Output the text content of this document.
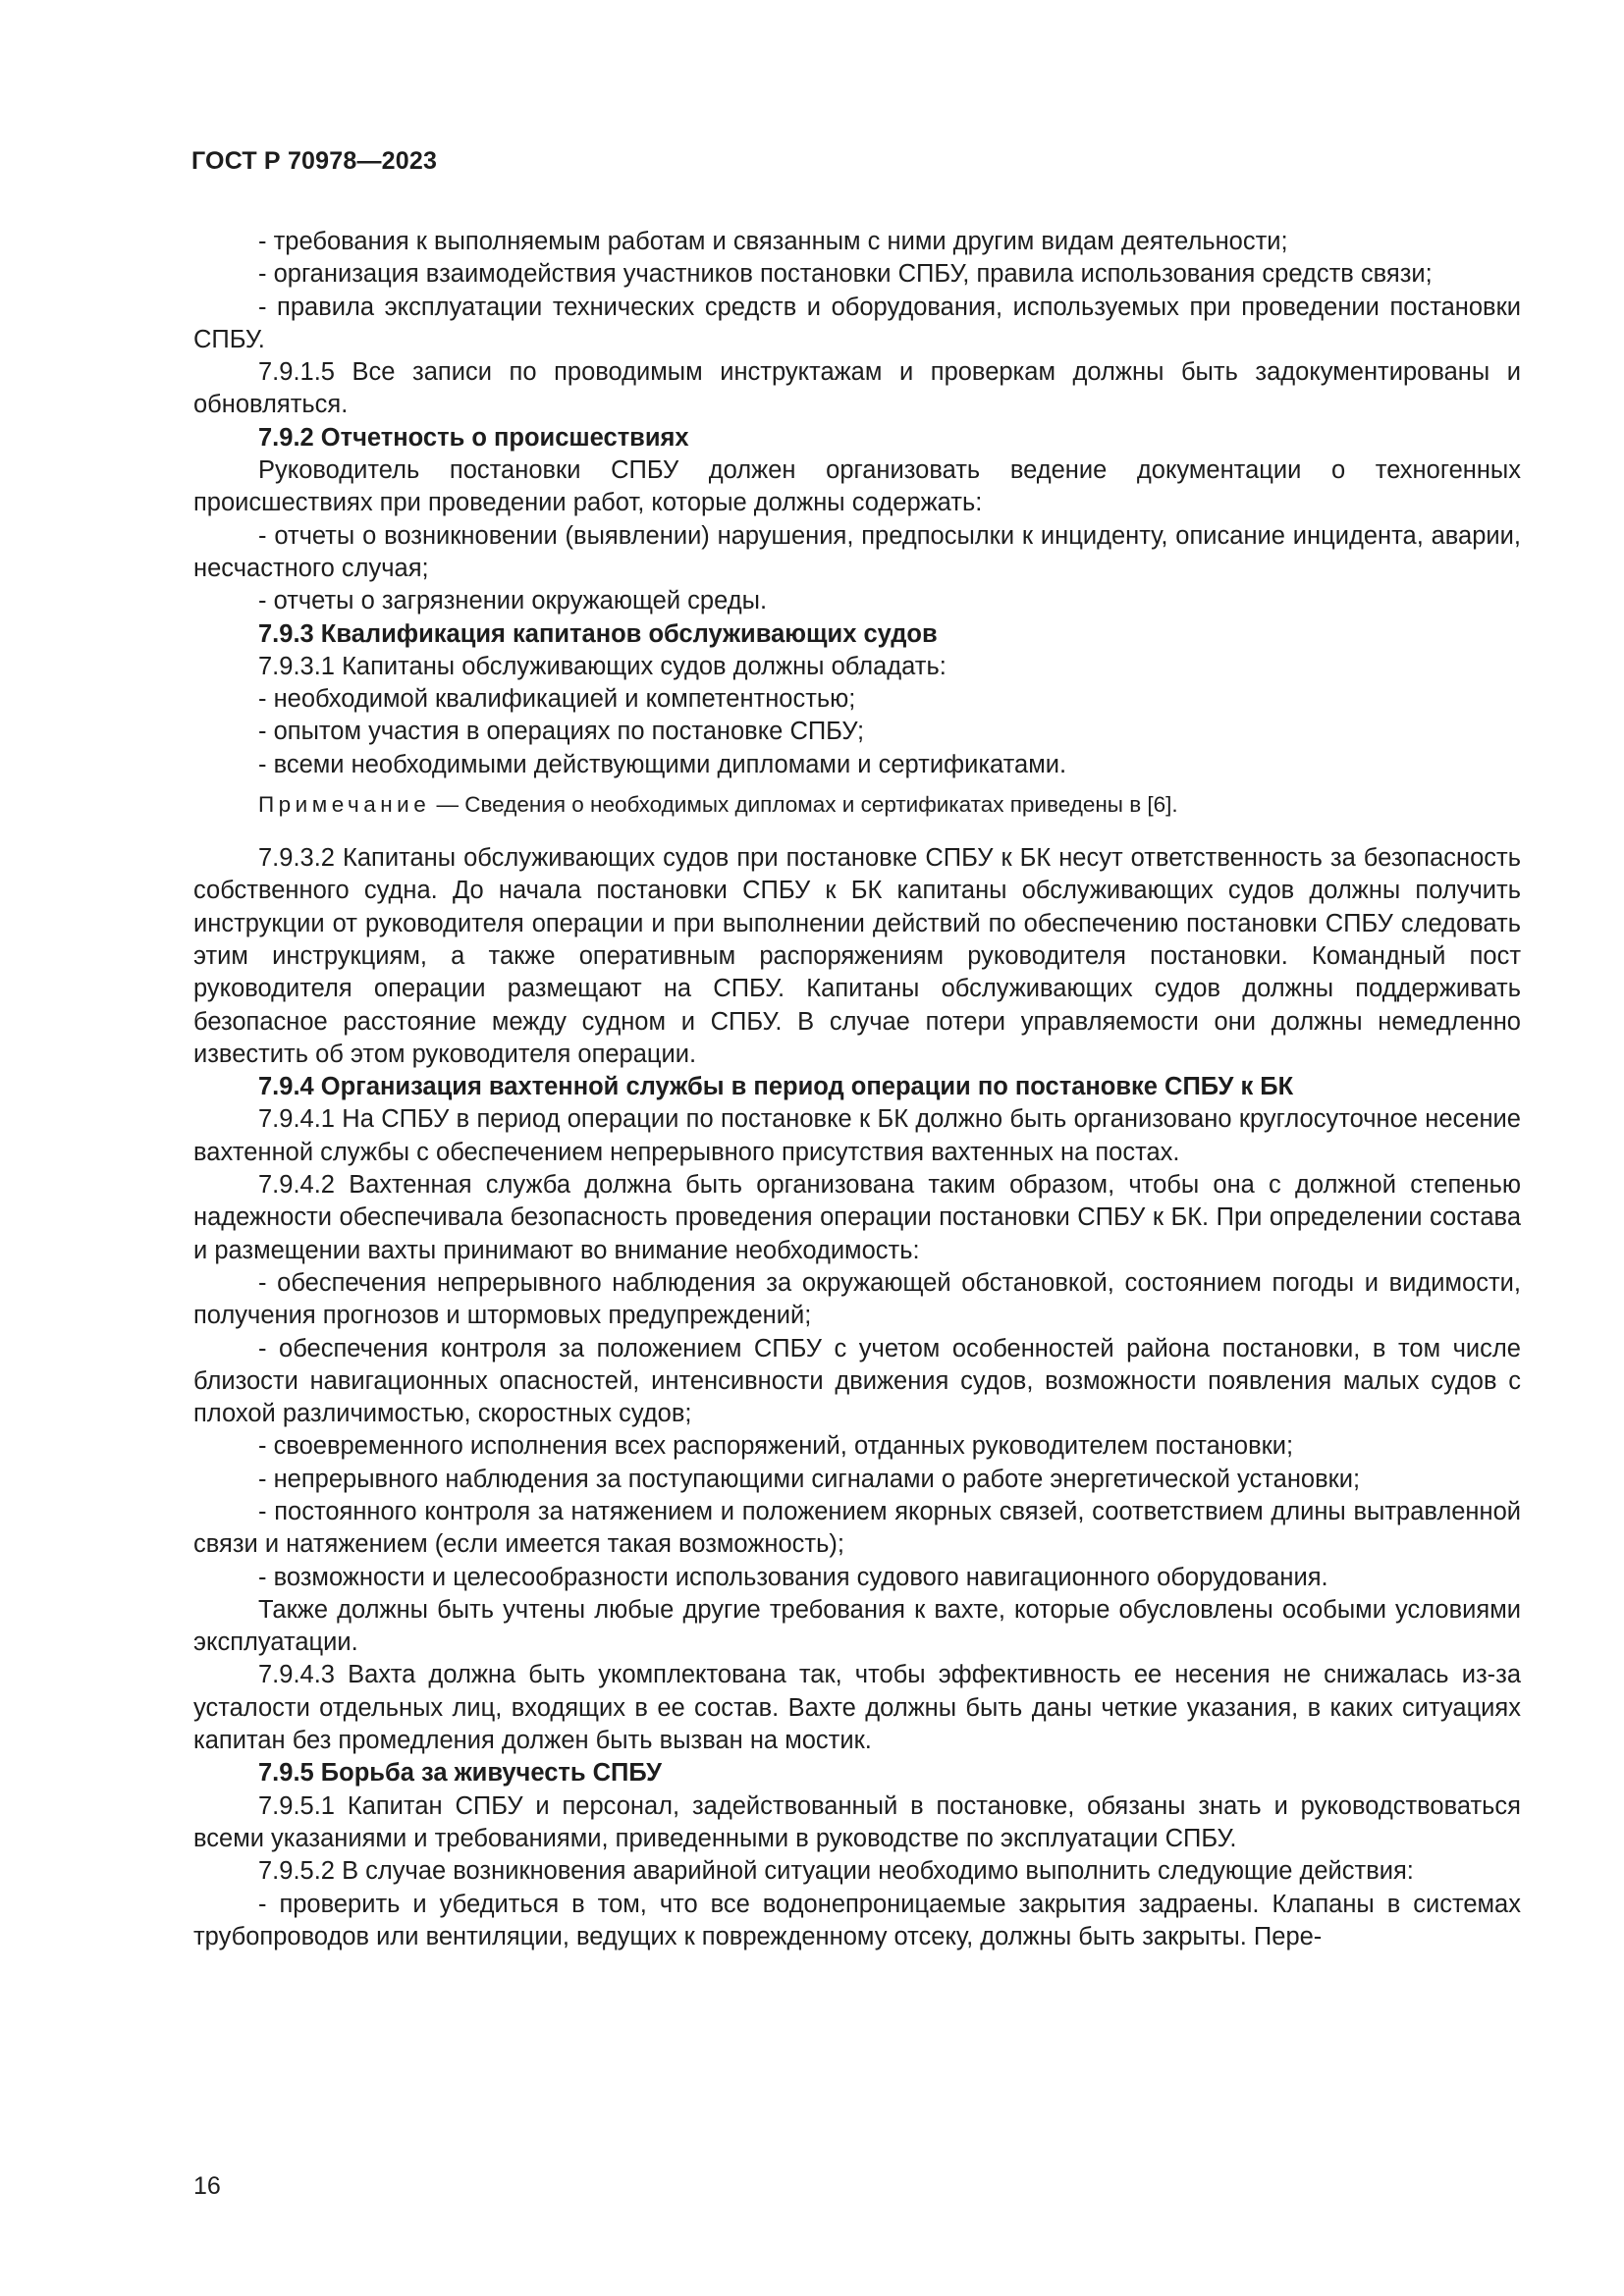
ГОСТ Р 70978—2023

- требования к выполняемым работам и связанным с ними другим видам деятельности;

- организация взаимодействия участников постановки СПБУ, правила использования средств связи;

- правила эксплуатации технических средств и оборудования, используемых при проведении постановки СПБУ.

7.9.1.5 Все записи по проводимым инструктажам и проверкам должны быть задокументированы и обновляться.

7.9.2 Отчетность о происшествиях

Руководитель постановки СПБУ должен организовать ведение документации о техногенных происшествиях при проведении работ, которые должны содержать:

- отчеты о возникновении (выявлении) нарушения, предпосылки к инциденту, описание инцидента, аварии, несчастного случая;

- отчеты о загрязнении окружающей среды.

7.9.3 Квалификация капитанов обслуживающих судов

7.9.3.1 Капитаны обслуживающих судов должны обладать:

- необходимой квалификацией и компетентностью;

- опытом участия в операциях по постановке СПБУ;

- всеми необходимыми действующими дипломами и сертификатами.

Примечание — Сведения о необходимых дипломах и сертификатах приведены в [6].

7.9.3.2 Капитаны обслуживающих судов при постановке СПБУ к БК несут ответственность за безопасность собственного судна. До начала постановки СПБУ к БК капитаны обслуживающих судов должны получить инструкции от руководителя операции и при выполнении действий по обеспечению постановки СПБУ следовать этим инструкциям, а также оперативным распоряжениям руководителя постановки. Командный пост руководителя операции размещают на СПБУ. Капитаны обслуживающих судов должны поддерживать безопасное расстояние между судном и СПБУ. В случае потери управляемости они должны немедленно известить об этом руководителя операции.

7.9.4 Организация вахтенной службы в период операции по постановке СПБУ к БК

7.9.4.1 На СПБУ в период операции по постановке к БК должно быть организовано круглосуточное несение вахтенной службы с обеспечением непрерывного присутствия вахтенных на постах.

7.9.4.2 Вахтенная служба должна быть организована таким образом, чтобы она с должной степенью надежности обеспечивала безопасность проведения операции постановки СПБУ к БК. При определении состава и размещении вахты принимают во внимание необходимость:

- обеспечения непрерывного наблюдения за окружающей обстановкой, состоянием погоды и видимости, получения прогнозов и штормовых предупреждений;

- обеспечения контроля за положением СПБУ с учетом особенностей района постановки, в том числе близости навигационных опасностей, интенсивности движения судов, возможности появления малых судов с плохой различимостью, скоростных судов;

- своевременного исполнения всех распоряжений, отданных руководителем постановки;

- непрерывного наблюдения за поступающими сигналами о работе энергетической установки;

- постоянного контроля за натяжением и положением якорных связей, соответствием длины вытравленной связи и натяжением (если имеется такая возможность);

- возможности и целесообразности использования судового навигационного оборудования.

Также должны быть учтены любые другие требования к вахте, которые обусловлены особыми условиями эксплуатации.

7.9.4.3 Вахта должна быть укомплектована так, чтобы эффективность ее несения не снижалась из-за усталости отдельных лиц, входящих в ее состав. Вахте должны быть даны четкие указания, в каких ситуациях капитан без промедления должен быть вызван на мостик.

7.9.5 Борьба за живучесть СПБУ

7.9.5.1 Капитан СПБУ и персонал, задействованный в постановке, обязаны знать и руководствоваться всеми указаниями и требованиями, приведенными в руководстве по эксплуатации СПБУ.

7.9.5.2 В случае возникновения аварийной ситуации необходимо выполнить следующие действия:

- проверить и убедиться в том, что все водонепроницаемые закрытия задраены. Клапаны в системах трубопроводов или вентиляции, ведущих к поврежденному отсеку, должны быть закрыты. Пере-

16
